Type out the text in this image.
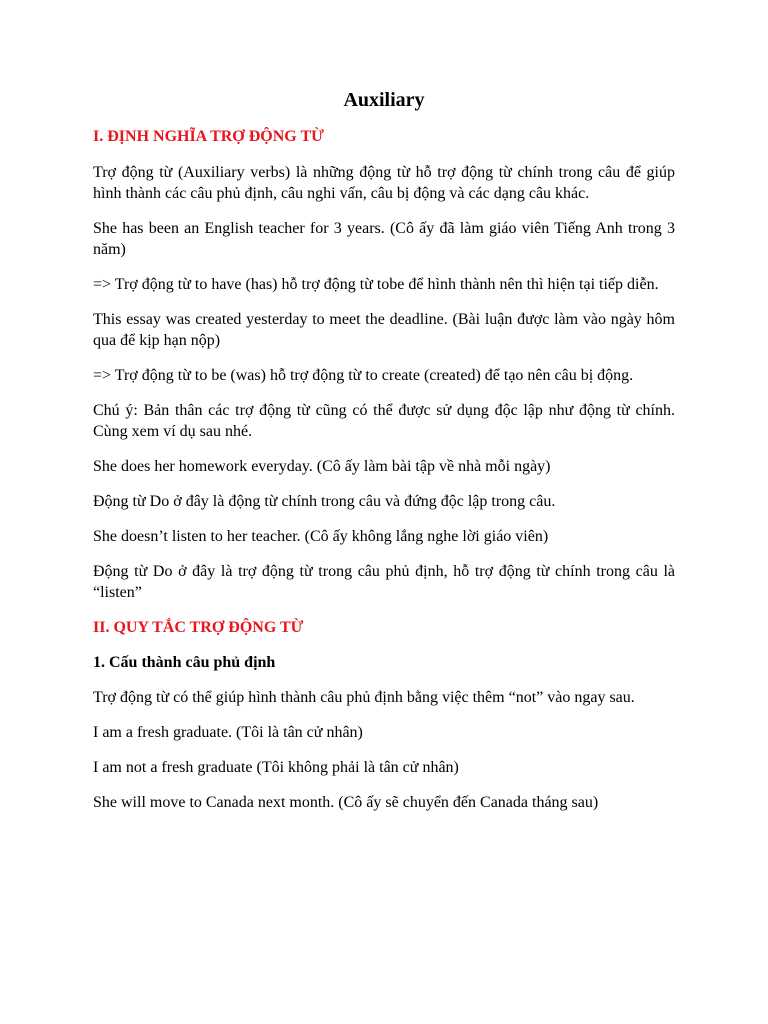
Auxiliary
I. ĐỊNH NGHĨA TRỢ ĐỘNG TỪ
Trợ động từ (Auxiliary verbs) là những động từ hỗ trợ động từ chính trong câu để giúp hình thành các câu phủ định, câu nghi vấn, câu bị động và các dạng câu khác.
She has been an English teacher for 3 years. (Cô ấy đã làm giáo viên Tiếng Anh trong 3 năm)
=> Trợ động từ to have (has) hỗ trợ động từ tobe để hình thành nên thì hiện tại tiếp diễn.
This essay was created yesterday to meet the deadline. (Bài luận được làm vào ngày hôm qua để kịp hạn nộp)
=> Trợ động từ to be (was) hỗ trợ động từ to create (created) để tạo nên câu bị động.
Chú ý: Bản thân các trợ động từ cũng có thể được sử dụng độc lập như động từ chính. Cùng xem ví dụ sau nhé.
She does her homework everyday. (Cô ấy làm bài tập về nhà mỗi ngày)
Động từ Do ở đây là động từ chính trong câu và đứng độc lập trong câu.
She doesn’t listen to her teacher. (Cô ấy không lắng nghe lời giáo viên)
Động từ Do ở đây là trợ động từ trong câu phủ định, hỗ trợ động từ chính trong câu là “listen”
II. QUY TẮC TRỢ ĐỘNG TỪ
1. Cấu thành câu phủ định
Trợ động từ có thể giúp hình thành câu phủ định bằng việc thêm “not” vào ngay sau.
I am a fresh graduate. (Tôi là tân cử nhân)
I am not a fresh graduate (Tôi không phải là tân cử nhân)
She will move to Canada next month. (Cô ấy sẽ chuyển đến Canada tháng sau)
